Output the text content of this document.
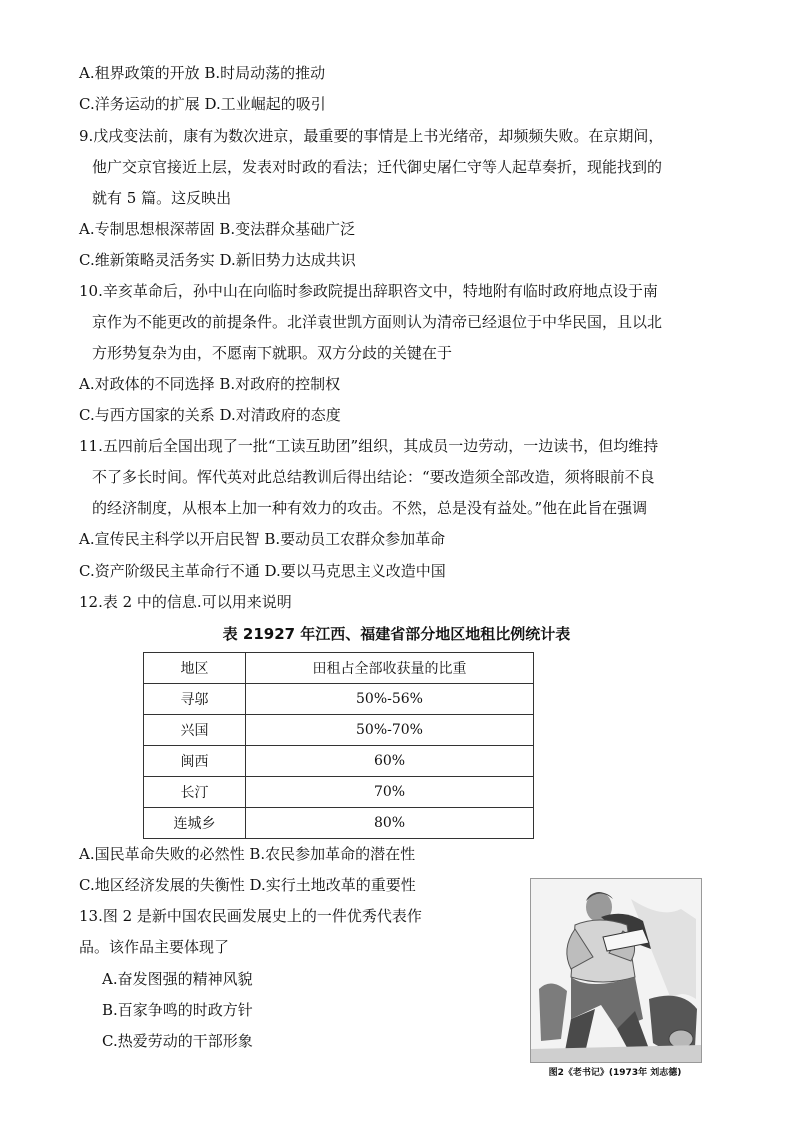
A.租界政策的开放 B.时局动荡的推动
C.洋务运动的扩展 D.工业崛起的吸引
9.戊戌变法前，康有为数次进京，最重要的事情是上书光绪帝，却频频失败。在京期间，
他广交京官接近上层，发表对时政的看法；迁代御史屠仁守等人起草奏折，现能找到的
就有 5 篇。这反映出
A.专制思想根深蒂固 B.变法群众基础广泛
C.维新策略灵活务实 D.新旧势力达成共识
10.辛亥革命后，孙中山在向临时参政院提出辞职咨文中，特地附有临时政府地点设于南
京作为不能更改的前提条件。北洋袁世凯方面则认为清帝已经退位于中华民国，且以北
方形势复杂为由，不愿南下就职。双方分歧的关键在于
A.对政体的不同选择 B.对政府的控制权
C.与西方国家的关系 D.对清政府的态度
11.五四前后全国出现了一批“工读互助团”组织，其成员一边劳动，一边读书，但均维持
不了多长时间。恽代英对此总结教训后得出结论：“要改造须全部改造，须将眼前不良
的经济制度，从根本上加一种有效力的攻击。不然，总是没有益处。”他在此旨在强调
A.宣传民主科学以开启民智 B.要动员工农群众参加革命
C.资产阶级民主革命行不通 D.要以马克思主义改造中国
12.表 2 中的信息.可以用来说明
表 21927 年江西、福建省部分地区地租比例统计表
地区	田租占全部收获量的比重
寻邬	50%-56%
兴国	50%-70%
闽西	60%
长汀	70%
连城乡	80%
A.国民革命失败的必然性 B.农民参加革命的潜在性
C.地区经济发展的失衡性 D.实行土地改革的重要性
13.图 2 是新中国农民画发展史上的一件优秀代表作
品。该作品主要体现了
A.奋发图强的精神风貌
B.百家争鸣的时政方针
C.热爱劳动的干部形象
图2《老书记》(1973年 刘志德)
